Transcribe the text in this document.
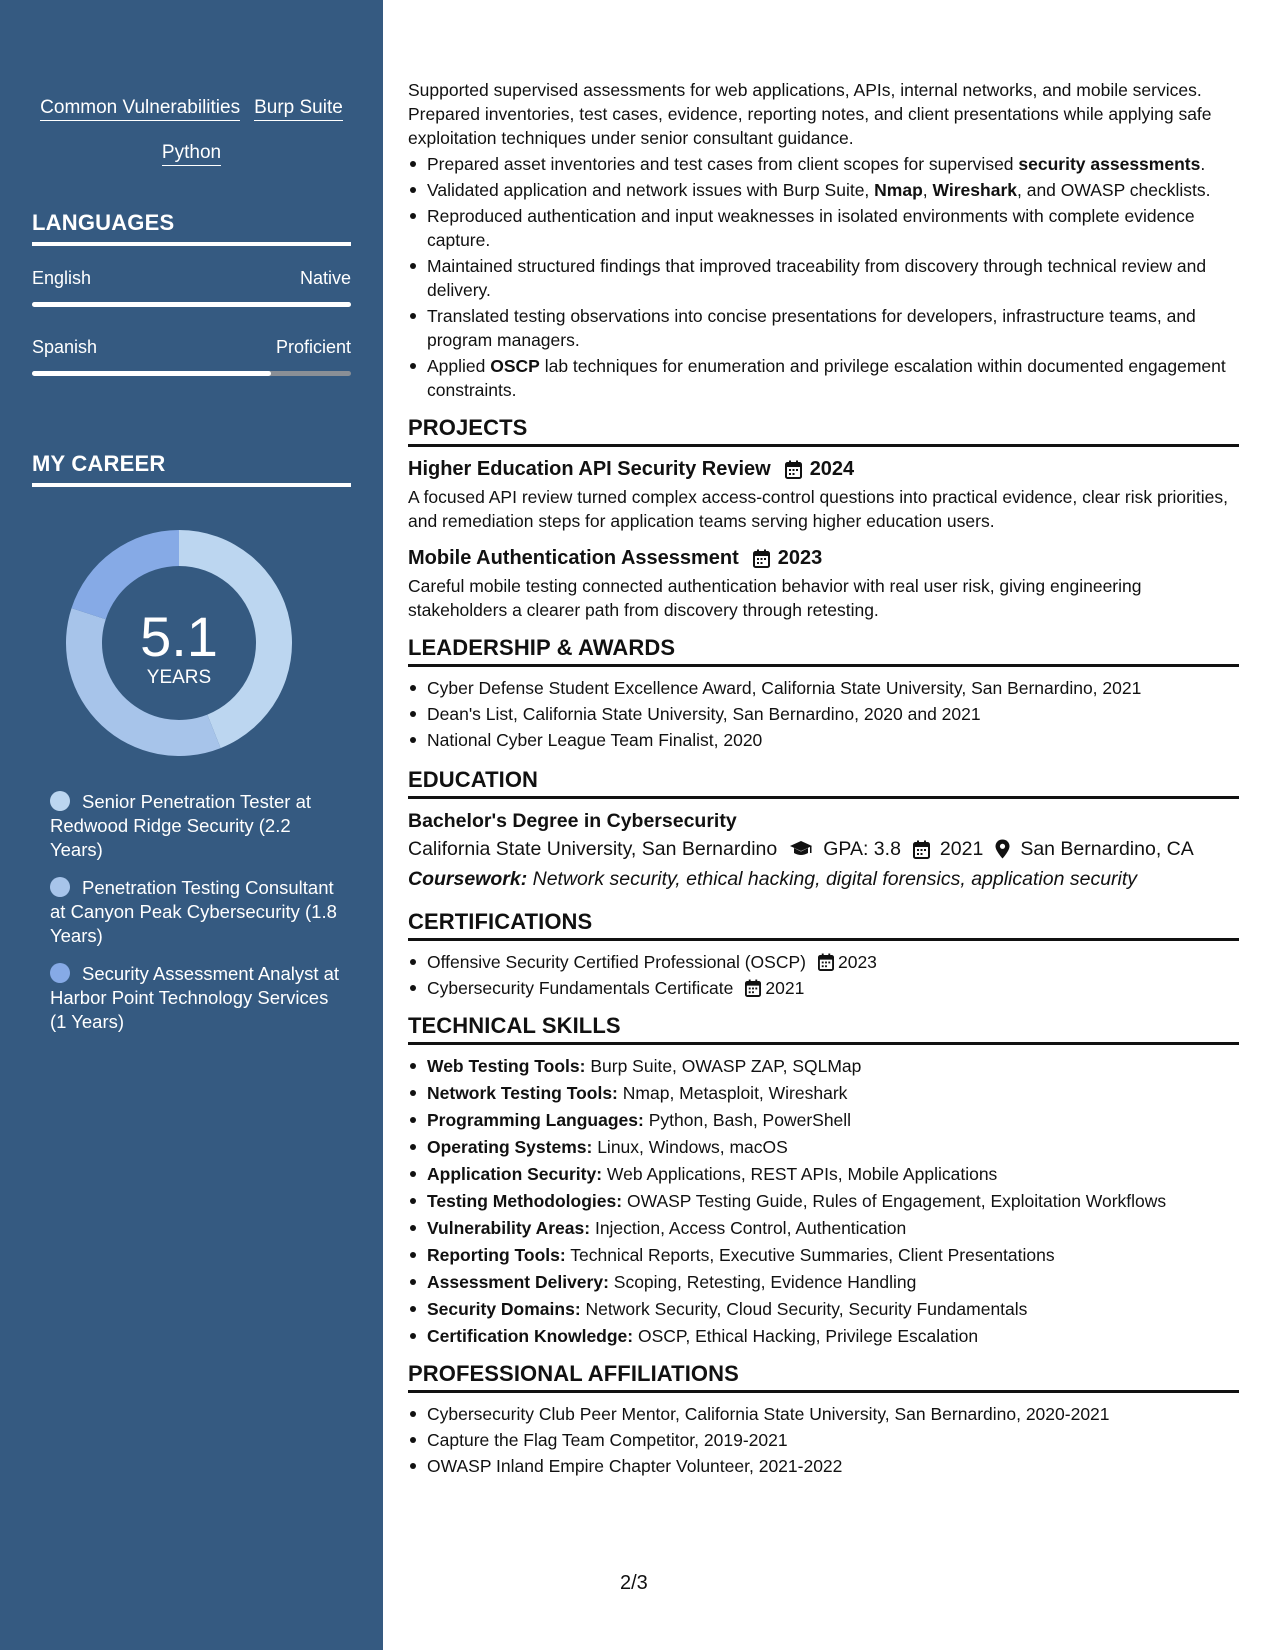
Common Vulnerabilities Burp Suite
Python
LANGUAGES
English	Native
Spanish	Proficient
MY CAREER
5.1
YEARS
Senior Penetration Tester at Redwood Ridge Security (2.2 Years)
Penetration Testing Consultant at Canyon Peak Cybersecurity (1.8 Years)
Security Assessment Analyst at Harbor Point Technology Services (1 Years)

Supported supervised assessments for web applications, APIs, internal networks, and mobile services. Prepared inventories, test cases, evidence, reporting notes, and client presentations while applying safe exploitation techniques under senior consultant guidance.

Prepared asset inventories and test cases from client scopes for supervised security assessments.
Validated application and network issues with Burp Suite, Nmap, Wireshark, and OWASP checklists.
Reproduced authentication and input weaknesses in isolated environments with complete evidence capture.
Maintained structured findings that improved traceability from discovery through technical review and delivery.
Translated testing observations into concise presentations for developers, infrastructure teams, and program managers.
Applied OSCP lab techniques for enumeration and privilege escalation within documented engagement constraints.
PROJECTS
Higher Education API Security Review 2024

A focused API review turned complex access-control questions into practical evidence, clear risk priorities, and remediation steps for application teams serving higher education users.

Mobile Authentication Assessment 2023

Careful mobile testing connected authentication behavior with real user risk, giving engineering stakeholders a clearer path from discovery through retesting.

LEADERSHIP & AWARDS
Cyber Defense Student Excellence Award, California State University, San Bernardino, 2021
Dean's List, California State University, San Bernardino, 2020 and 2021
National Cyber League Team Finalist, 2020
EDUCATION
Bachelor's Degree in Cybersecurity
California State University, San Bernardino GPA: 3.8 2021 San Bernardino, CA
Coursework: Network security, ethical hacking, digital forensics, application security
CERTIFICATIONS
Offensive Security Certified Professional (OSCP) 2023
Cybersecurity Fundamentals Certificate 2021
TECHNICAL SKILLS
Web Testing Tools: Burp Suite, OWASP ZAP, SQLMap
Network Testing Tools: Nmap, Metasploit, Wireshark
Programming Languages: Python, Bash, PowerShell
Operating Systems: Linux, Windows, macOS
Application Security: Web Applications, REST APIs, Mobile Applications
Testing Methodologies: OWASP Testing Guide, Rules of Engagement, Exploitation Workflows
Vulnerability Areas: Injection, Access Control, Authentication
Reporting Tools: Technical Reports, Executive Summaries, Client Presentations
Assessment Delivery: Scoping, Retesting, Evidence Handling
Security Domains: Network Security, Cloud Security, Security Fundamentals
Certification Knowledge: OSCP, Ethical Hacking, Privilege Escalation
PROFESSIONAL AFFILIATIONS
Cybersecurity Club Peer Mentor, California State University, San Bernardino, 2020-2021
Capture the Flag Team Competitor, 2019-2021
OWASP Inland Empire Chapter Volunteer, 2021-2022
2/3
